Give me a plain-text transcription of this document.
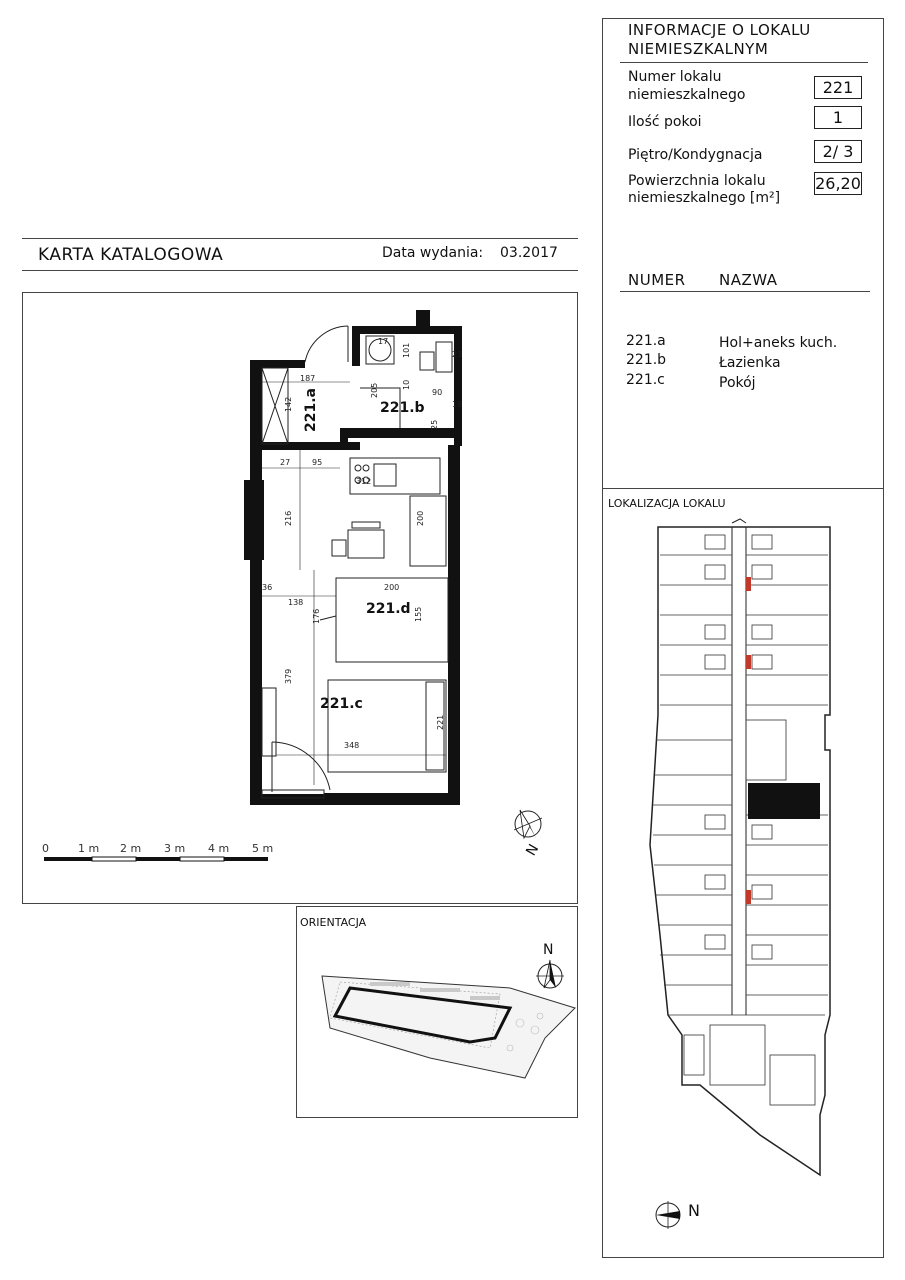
INFORMACJE O LOKALU
NIEMIESZKALNYM
Numer lokalu
niemieszkalnego	221
Ilość pokoi	1
Piętro/Kondygnacja	2/ 3
Powierzchnia lokalu
niemieszkalnego [m²]
26,20
NUMER NAZWA
221.a	Hol+aneks kuch.
221.b	Łazienka
221.c	Pokój
LOKALIZACJA LOKALU
N
KARTA KATALOGOWA	Data wydania: 03.2017
187
142
205
17
101	23
10
90
19
25
27	95
312
216	200
36
138
176
200
155
379
348
221
221.a	221.b
221.d
221.c
0	1 m 2 m 3 m 4 m 5 m	N
ORIENTACJA
N
